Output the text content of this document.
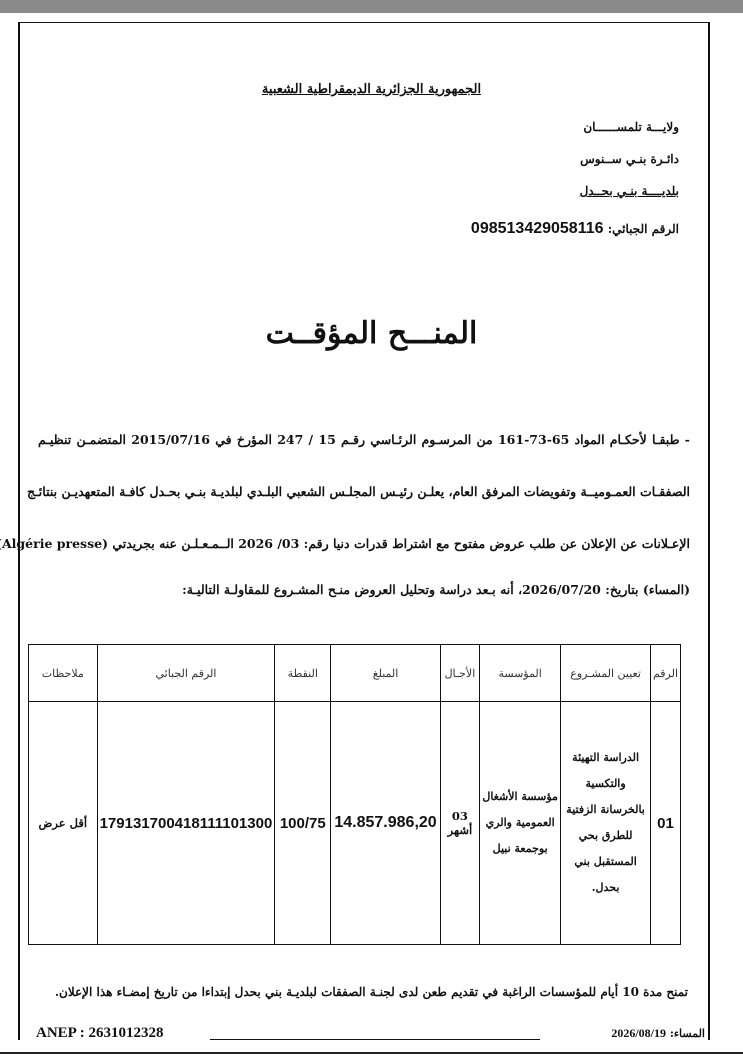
الجمهورية الجزائرية الديمقراطية الشعبية
ولايـــة تلمســــــان
دائـرة بنـي ســنوس
بلديــــة بنـي بحــدل
الرقم الجبائي: 098513429058116
المنـــح المؤقــت
- طبقـا لأحكـام المواد 65-73-161 من المرسـوم الرئـاسي رقـم 15 / 247 المؤرخ في 2015/07/16 المتضمـن تنظيـم
الصفقـات العمـوميــة وتفويضات المرفق العام، يعلـن رئيـس المجلـس الشعبي البلـدي لبلديـة بنـي بحـدل كافـة المتعهديـن بنتائـج
الإعـلانات عن الإعلان عن طلب عروض مفتوح مع اشتراط قدرات دنيا رقم: 03/ 2026 الــمـعـلـن عنه بجريدتي (Algérie presse
(المساء) بتاريخ: 2026/07/20، أنه بـعد دراسة وتحليل العروض منـح المشـروع للمقاولـة التاليـة:
الرقم	تعيين المشـروع	المؤسسة	الأجـال	المبلغ	النقطة	الرقم الجبائي	ملاحظات
01	الدراسة التهيئة والتكسية بالخرسانة الزفتية للطرق بحي المستقبل بني بحدل.	مؤسسة الأشغال العمومية والري بوجمعة نبيل	03 أشهر	14.857.986,20	100/75	179131700418111101300	أقل عرض
تمنح مدة 10 أيام للمؤسسات الراغبة في تقديم طعن لدى لجنـة الصفقات لبلديـة بني بحدل إبتداءا من تاريخ إمضـاء هذا الإعلان.
ANEP : 2631012328	المساء: 2026/08/19
